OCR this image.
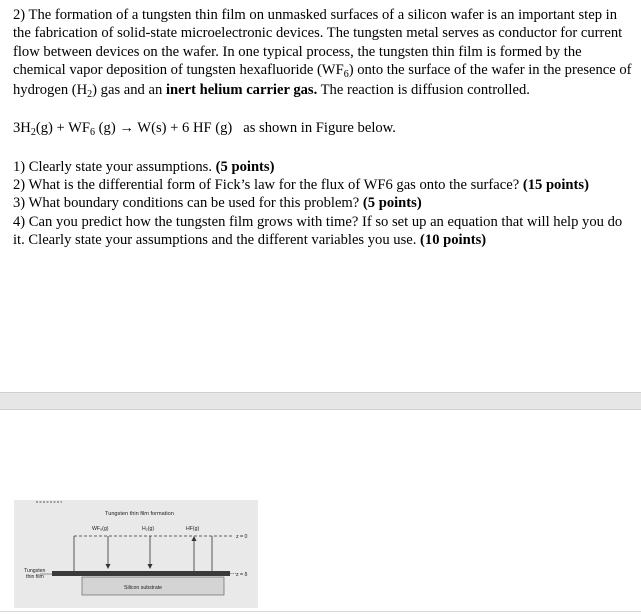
2) The formation of a tungsten thin film on unmasked surfaces of a silicon wafer is an important step in the fabrication of solid-state microelectronic devices. The tungsten metal serves as conductor for current flow between devices on the wafer. In one typical process, the tungsten thin film is formed by the chemical vapor deposition of tungsten hexafluoride $(WF_6)$ onto the surface of the wafer in the presence of hydrogen $(H_2)$ gas and an inert helium carrier gas. The reaction is diffusion controlled.

$3H_2(g) + WF_6$ (g) → W(s) + 6 HF (g)   as shown in Figure below.

1) Clearly state your assumptions. (5 points)

2) What is the differential form of Fick’s law for the flux of WF6 gas onto the surface? (15 points)

3) What boundary conditions can be used for this problem? (5 points)

4) Can you predict how the tungsten film grows with time? If so set up an equation that will help you do it. Clearly state your assumptions and the different variables you use. (10 points)

Tungsten thin film formation
WF₆(g)	H₂(g)	HF(g)
z = 0
z = δ
Tungsten
thin film
Silicon substrate
